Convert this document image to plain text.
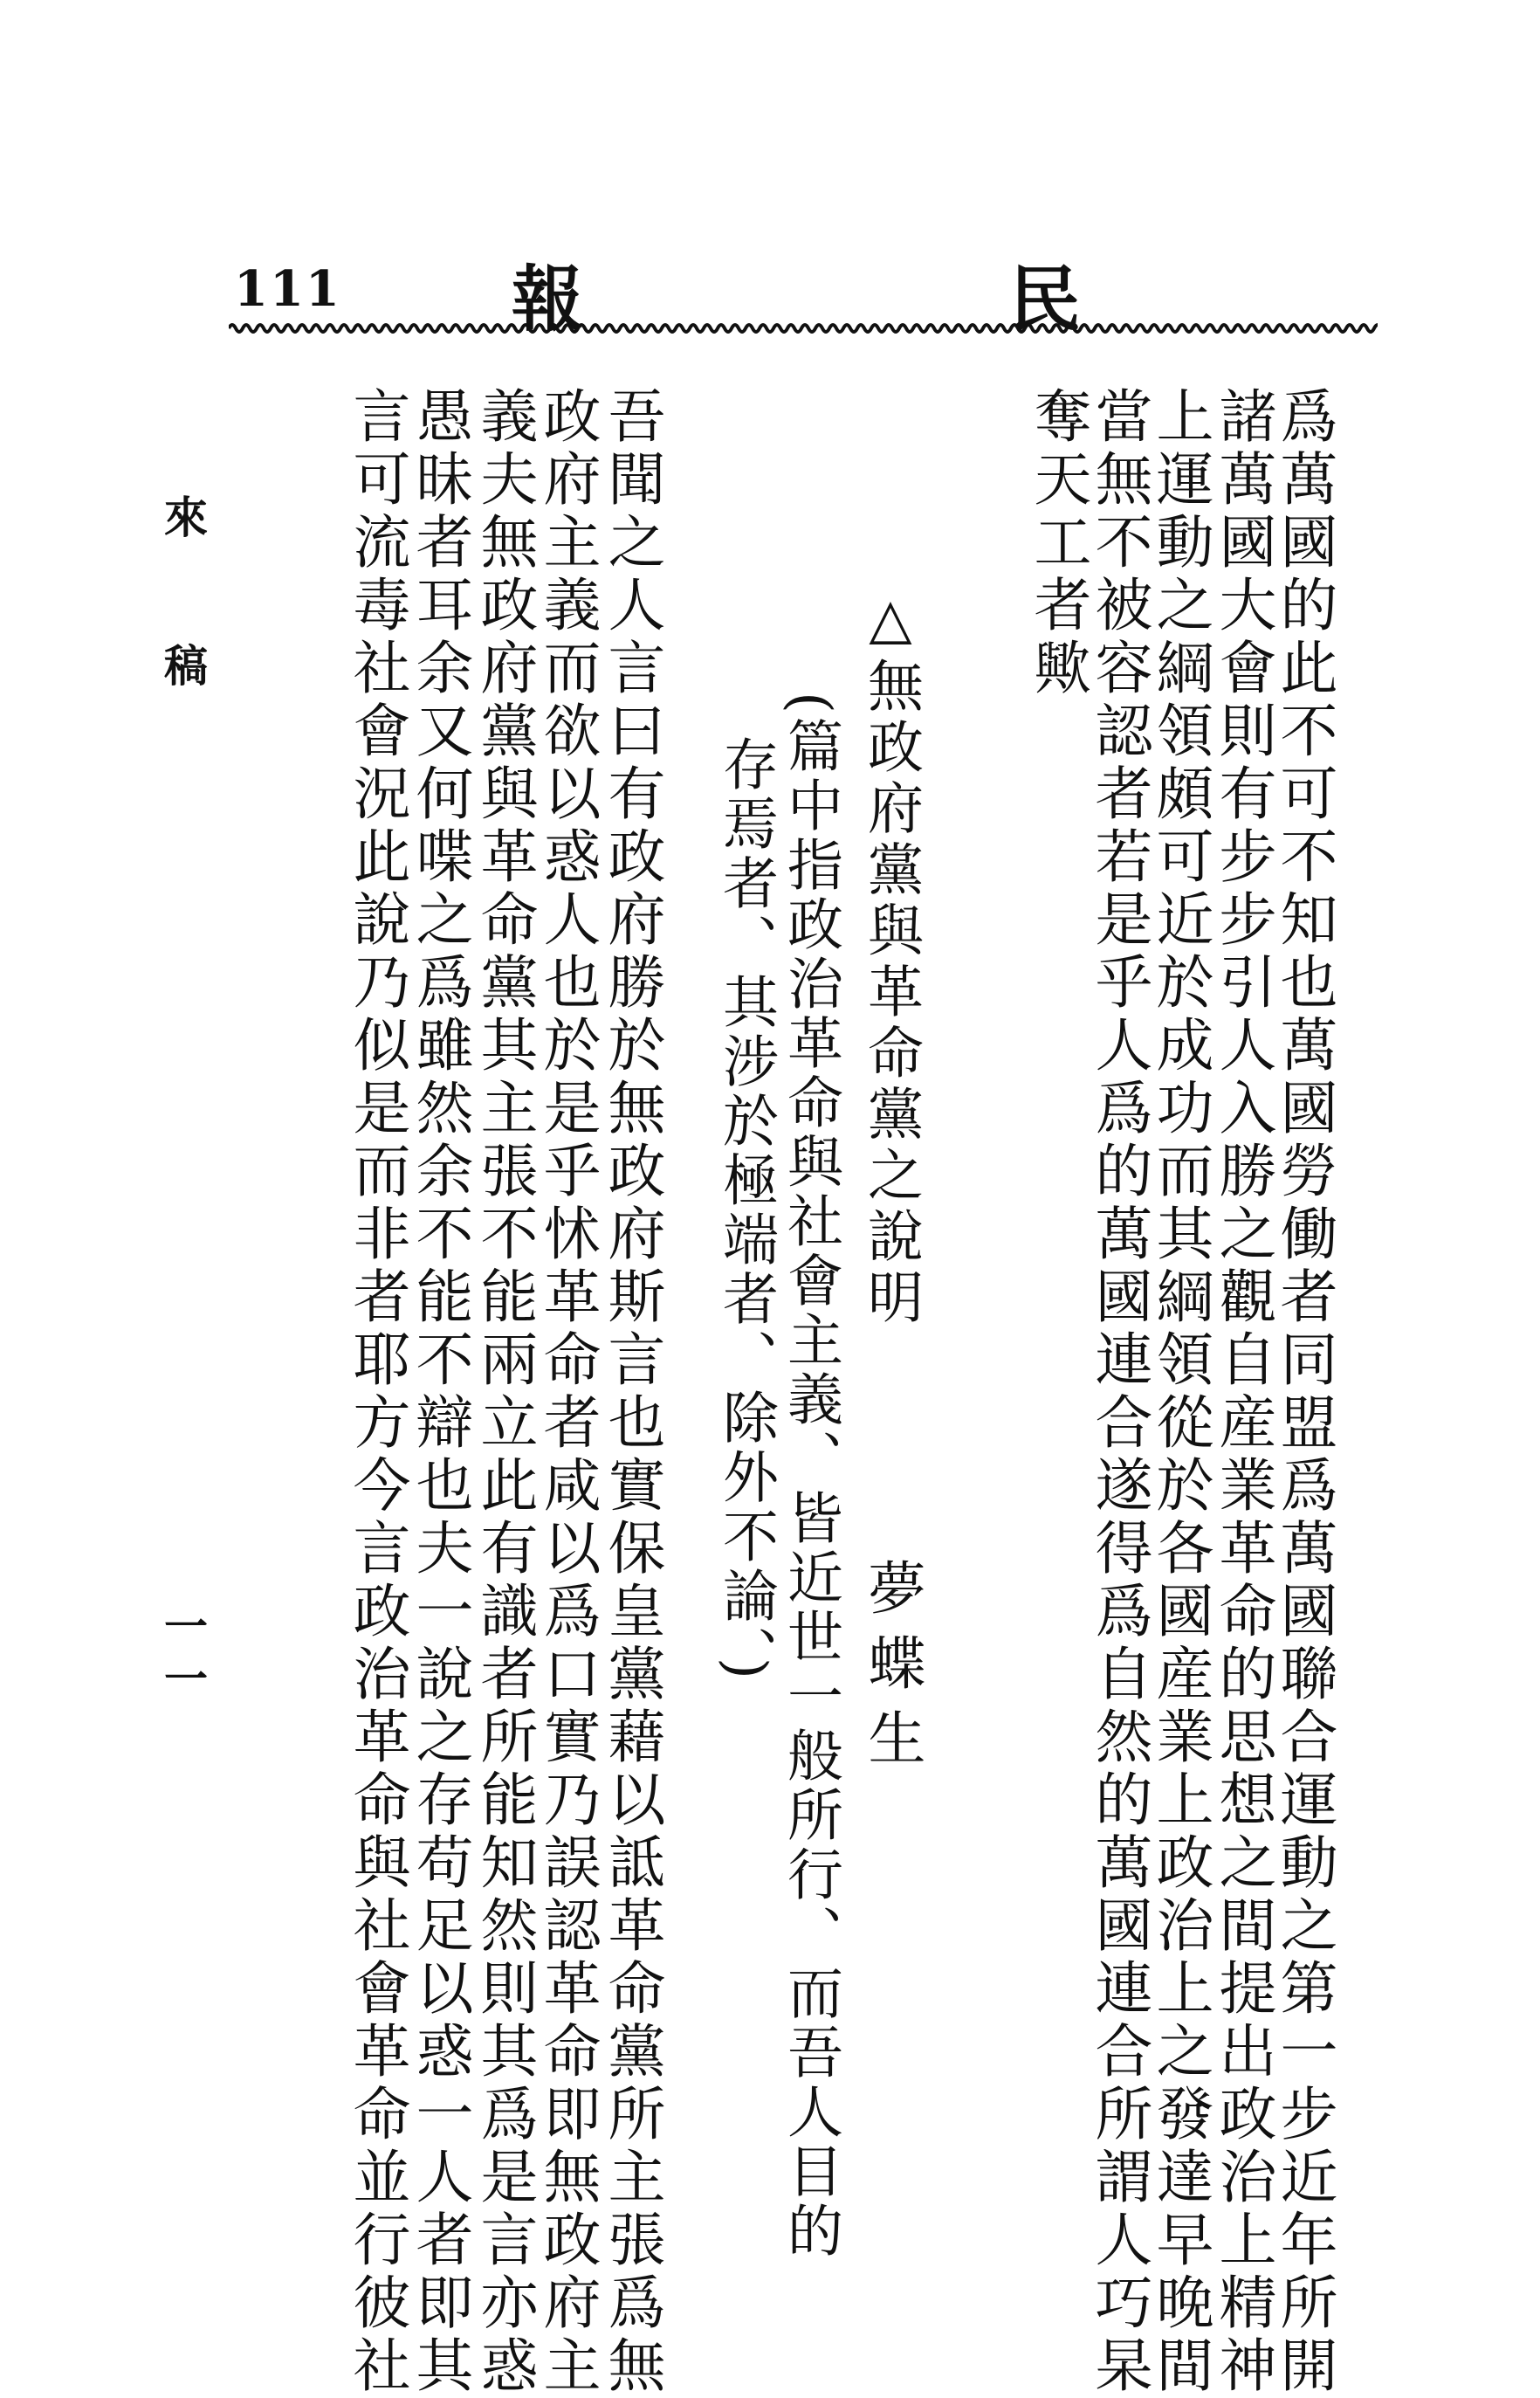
111 報	民
爲萬國的此不可不知也萬國勞働者同盟爲萬國聯合運動之第一步近年所開
諸萬國大會則有步步引人入勝之觀自産業革命的思想之間提出政治上精神
上運動之綱領頗可近於成功而其綱領從於各國産業上政治上之發達早晚間
當無不被容認者若是乎人爲的萬國連合遂得爲自然的萬國連合所謂人巧杲
奪天工者歟
△無政府黨與革命黨之說明
夢蝶生
(篇中指政治革命與社會主義、皆近世一般所行、而吾人目的
存焉者、其涉於極端者、除外不論、)
吾聞之人言曰有政府勝於無政府斯言也實保皇黨藉以詆革命黨所主張爲無
政府主義而欲以惑人也於是乎怵革命者咸以爲口實乃誤認革命即無政府主
義夫無政府黨與革命黨其主張不能兩立此有識者所能知然則其爲是言亦惑
愚昧者耳余又何喋之爲雖然余不能不辯也夫一說之存苟足以惑一人者即其
言可流毒社會況此說乃似是而非者耶方今言政治革命與社會革命並行彼社
來稿
一一
